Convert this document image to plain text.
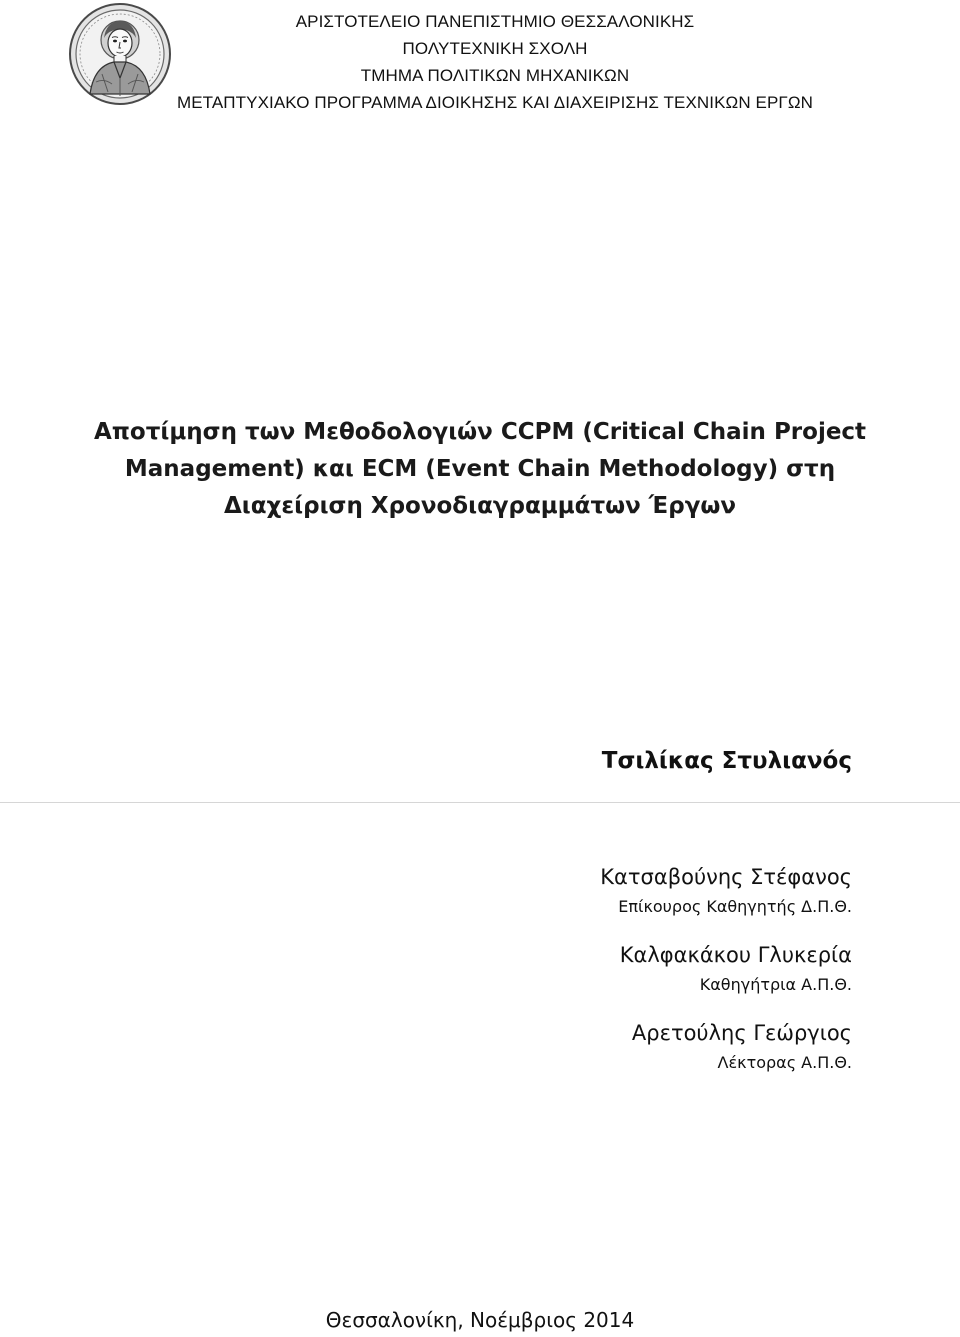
ΑΡΙΣΤΟΤΕΛΕΙΟ ΠΑΝΕΠΙΣΤΗΜΙΟ ΘΕΣΣΑΛΟΝΙΚΗΣ
ΠΟΛΥΤΕΧΝΙΚΗ ΣΧΟΛΗ
ΤΜΗΜΑ ΠΟΛΙΤΙΚΩΝ ΜΗΧΑΝΙΚΩΝ
ΜΕΤΑΠΤΥΧΙΑΚΟ ΠΡΟΓΡΑΜΜΑ ΔΙΟΙΚΗΣΗΣ ΚΑΙ ΔΙΑΧΕΙΡΙΣΗΣ ΤΕΧΝΙΚΩΝ ΕΡΓΩΝ
Αποτίμηση των Μεθοδολογιών CCPM (Critical Chain Project
Management) και ECM (Event Chain Methodology) στη
Διαχείριση Χρονοδιαγραμμάτων Έργων
Τσιλίκας Στυλιανός
Κατσαβούνης Στέφανος
Επίκουρος Καθηγητής Δ.Π.Θ.
Καλφακάκου Γλυκερία
Καθηγήτρια Α.Π.Θ.
Αρετούλης Γεώργιος
Λέκτορας Α.Π.Θ.
Θεσσαλονίκη, Νοέμβριος 2014
